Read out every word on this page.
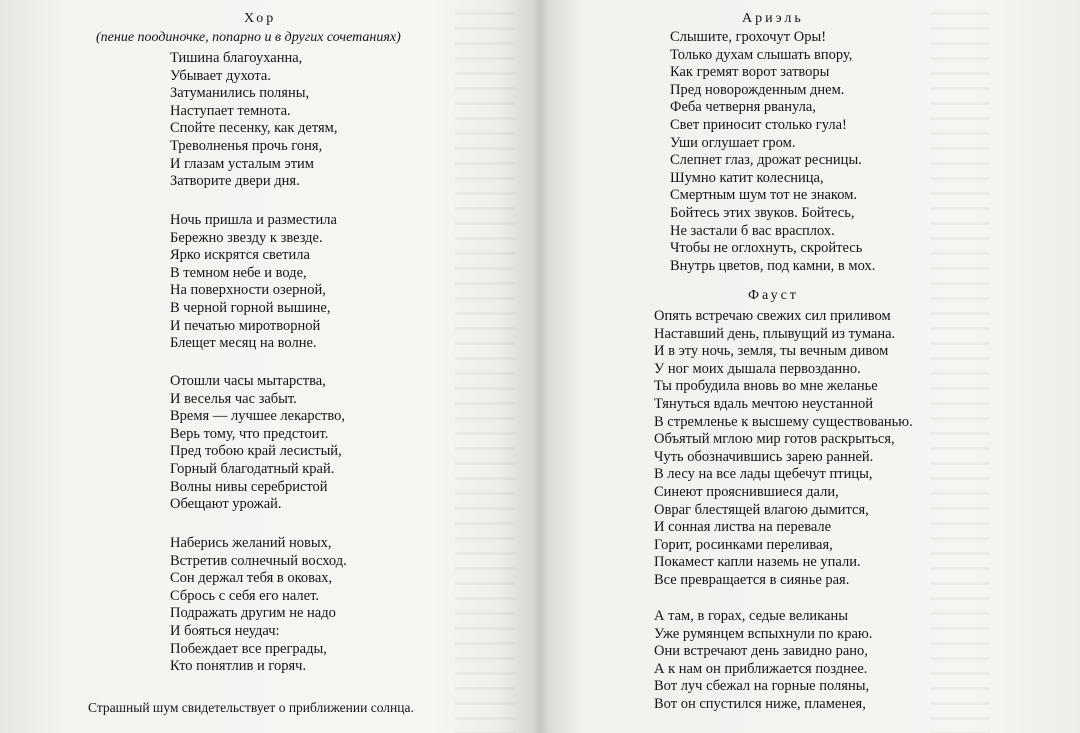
Хор
(пение поодиночке, попарно и в других сочетаниях)
Тишина благоуханна,
Убывает духота.
Затуманились поляны,
Наступает темнота.
Спойте песенку, как детям,
Треволненья прочь гоня,
И глазам усталым этим
Затворите двери дня.
Ночь пришла и разместила
Бережно звезду к звезде.
Ярко искрятся светила
В темном небе и воде,
На поверхности озерной,
В черной горной вышине,
И печатью миротворной
Блещет месяц на волне.
Отошли часы мытарства,
И веселья час забыт.
Время — лучшее лекарство,
Верь тому, что предстоит.
Пред тобою край лесистый,
Горный благодатный край.
Волны нивы серебристой
Обещают урожай.
Наберись желаний новых,
Встретив солнечный восход.
Сон держал тебя в оковах,
Сбрось с себя его налет.
Подражать другим не надо
И бояться неудач:
Побеждает все преграды,
Кто понятлив и горяч.
Страшный шум свидетельствует о приближении солнца.
Ариэль
Слышите, грохочут Оры!
Только духам слышать впору,
Как гремят ворот затворы
Пред новорожденным днем.
Феба четверня рванула,
Свет приносит столько гула!
Уши оглушает гром.
Слепнет глаз, дрожат ресницы.
Шумно катит колесница,
Смертным шум тот не знаком.
Бойтесь этих звуков. Бойтесь,
Не застали б вас врасплох.
Чтобы не оглохнуть, скройтесь
Внутрь цветов, под камни, в мох.
Фауст
Опять встречаю свежих сил приливом
Наставший день, плывущий из тумана.
И в эту ночь, земля, ты вечным дивом
У ног моих дышала первозданно.
Ты пробудила вновь во мне желанье
Тянуться вдаль мечтою неустанной
В стремленье к высшему существованью.
Объятый мглою мир готов раскрыться,
Чуть обозначившись зарею ранней.
В лесу на все лады щебечут птицы,
Синеют прояснившиеся дали,
Овраг блестящей влагою дымится,
И сонная листва на перевале
Горит, росинками переливая,
Покамест капли наземь не упали.
Все превращается в сиянье рая.
А там, в горах, седые великаны
Уже румянцем вспыхнули по краю.
Они встречают день завидно рано,
А к нам он приближается позднее.
Вот луч сбежал на горные поляны,
Вот он спустился ниже, пламенея,
